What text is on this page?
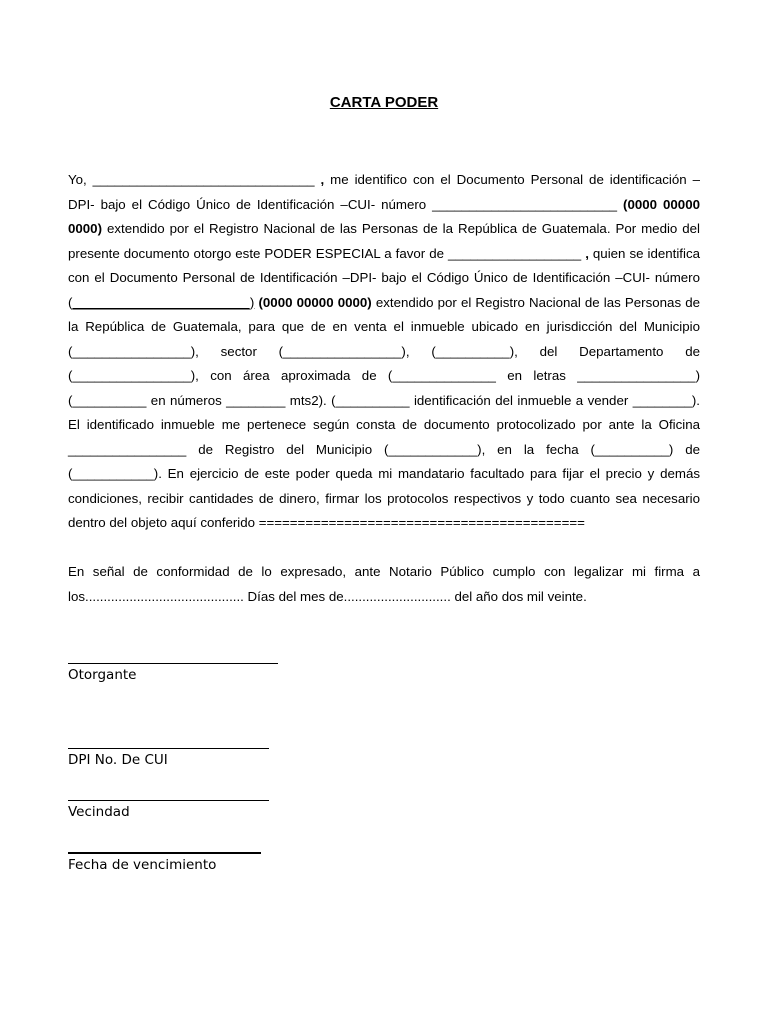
CARTA PODER
Yo, ______________________________ , me identifico con el Documento Personal de identificación –DPI- bajo el Código Único de Identificación –CUI- número _________________________ (0000 00000 0000) extendido por el Registro Nacional de las Personas de la República de Guatemala. Por medio del presente documento otorgo este PODER ESPECIAL a favor de __________________ , quien se identifica con el Documento Personal de Identificación –DPI- bajo el Código Único de Identificación –CUI- número (________________________) (0000 00000 0000) extendido por el Registro Nacional de las Personas de la República de Guatemala, para que de en venta el inmueble ubicado en jurisdicción del Municipio (________________), sector (________________), (__________), del Departamento de (________________), con área aproximada de (______________ en letras ________________) (__________ en números ________ mts2). (__________ identificación del inmueble a vender ________). El identificado inmueble me pertenece según consta de documento protocolizado por ante la Oficina ________________ de Registro del Municipio (____________), en la fecha (__________) de (___________). En ejercicio de este poder queda mi mandatario facultado para fijar el precio y demás condiciones, recibir cantidades de dinero, firmar los protocolos respectivos y todo cuanto sea necesario dentro del objeto aquí conferido ==========================================
En señal de conformidad de lo expresado, ante Notario Público cumplo con legalizar mi firma a los........................................... Días del mes de............................. del año dos mil veinte.
Otorgante
DPI No. De CUI
Vecindad
Fecha de vencimiento
